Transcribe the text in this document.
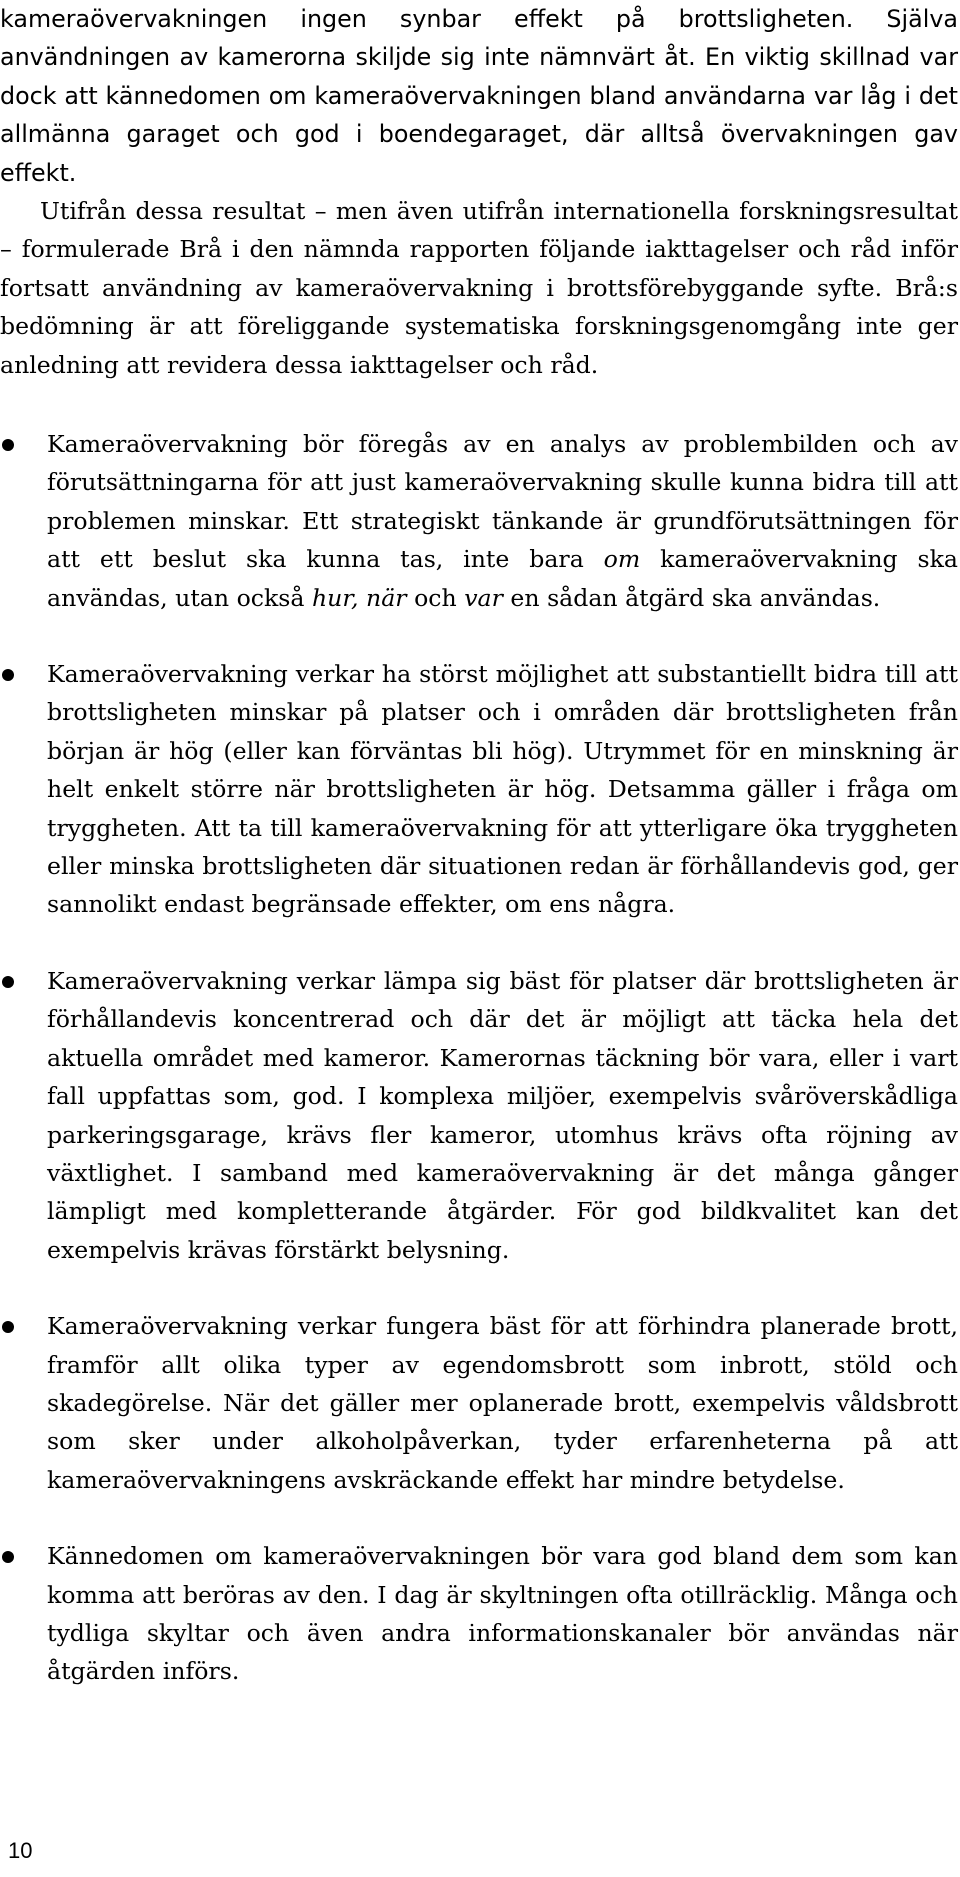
kameraövervakningen ingen synbar effekt på brottsligheten. Själva användningen av kamerorna skiljde sig inte nämnvärt åt. En viktig skillnad var dock att kännedomen om kameraövervakningen bland användarna var låg i det allmänna garaget och god i boendegaraget, där alltså övervakningen gav effekt.

Utifrån dessa resultat – men även utifrån internationella forskningsresultat – formulerade Brå i den nämnda rapporten följande iakttagelser och råd inför fortsatt användning av kameraövervakning i brottsförebyggande syfte. Brå:s bedömning är att föreliggande systematiska forskningsgenomgång inte ger anledning att revidera dessa iakttagelser och råd.

Kameraövervakning bör föregås av en analys av problembilden och av förutsättningarna för att just kameraövervakning skulle kunna bidra till att problemen minskar. Ett strategiskt tänkande är grundförutsättningen för att ett beslut ska kunna tas, inte bara om kameraövervakning ska användas, utan också hur, när och var en sådan åtgärd ska användas.
Kameraövervakning verkar ha störst möjlighet att substantiellt bidra till att brottsligheten minskar på platser och i områden där brottsligheten från början är hög (eller kan förväntas bli hög). Utrymmet för en minskning är helt enkelt större när brottsligheten är hög. Detsamma gäller i fråga om tryggheten. Att ta till kameraövervakning för att ytterligare öka tryggheten eller minska brottsligheten där situationen redan är förhållandevis god, ger sannolikt endast begränsade effekter, om ens några.
Kameraövervakning verkar lämpa sig bäst för platser där brottsligheten är förhållandevis koncentrerad och där det är möjligt att täcka hela det aktuella området med kameror. Kamerornas täckning bör vara, eller i vart fall uppfattas som, god. I komplexa miljöer, exempelvis svåröverskådliga parkeringsgarage, krävs fler kameror, utomhus krävs ofta röjning av växtlighet. I samband med kameraövervakning är det många gånger lämpligt med kompletterande åtgärder. För god bildkvalitet kan det exempelvis krävas förstärkt belysning.
Kameraövervakning verkar fungera bäst för att förhindra planerade brott, framför allt olika typer av egendomsbrott som inbrott, stöld och skadegörelse. När det gäller mer oplanerade brott, exempelvis våldsbrott som sker under alkoholpåverkan, tyder erfarenheterna på att kameraövervakningens avskräckande effekt har mindre betydelse.
Kännedomen om kameraövervakningen bör vara god bland dem som kan komma att beröras av den. I dag är skyltningen ofta otillräcklig. Många och tydliga skyltar och även andra informationskanaler bör användas när åtgärden införs.
10
